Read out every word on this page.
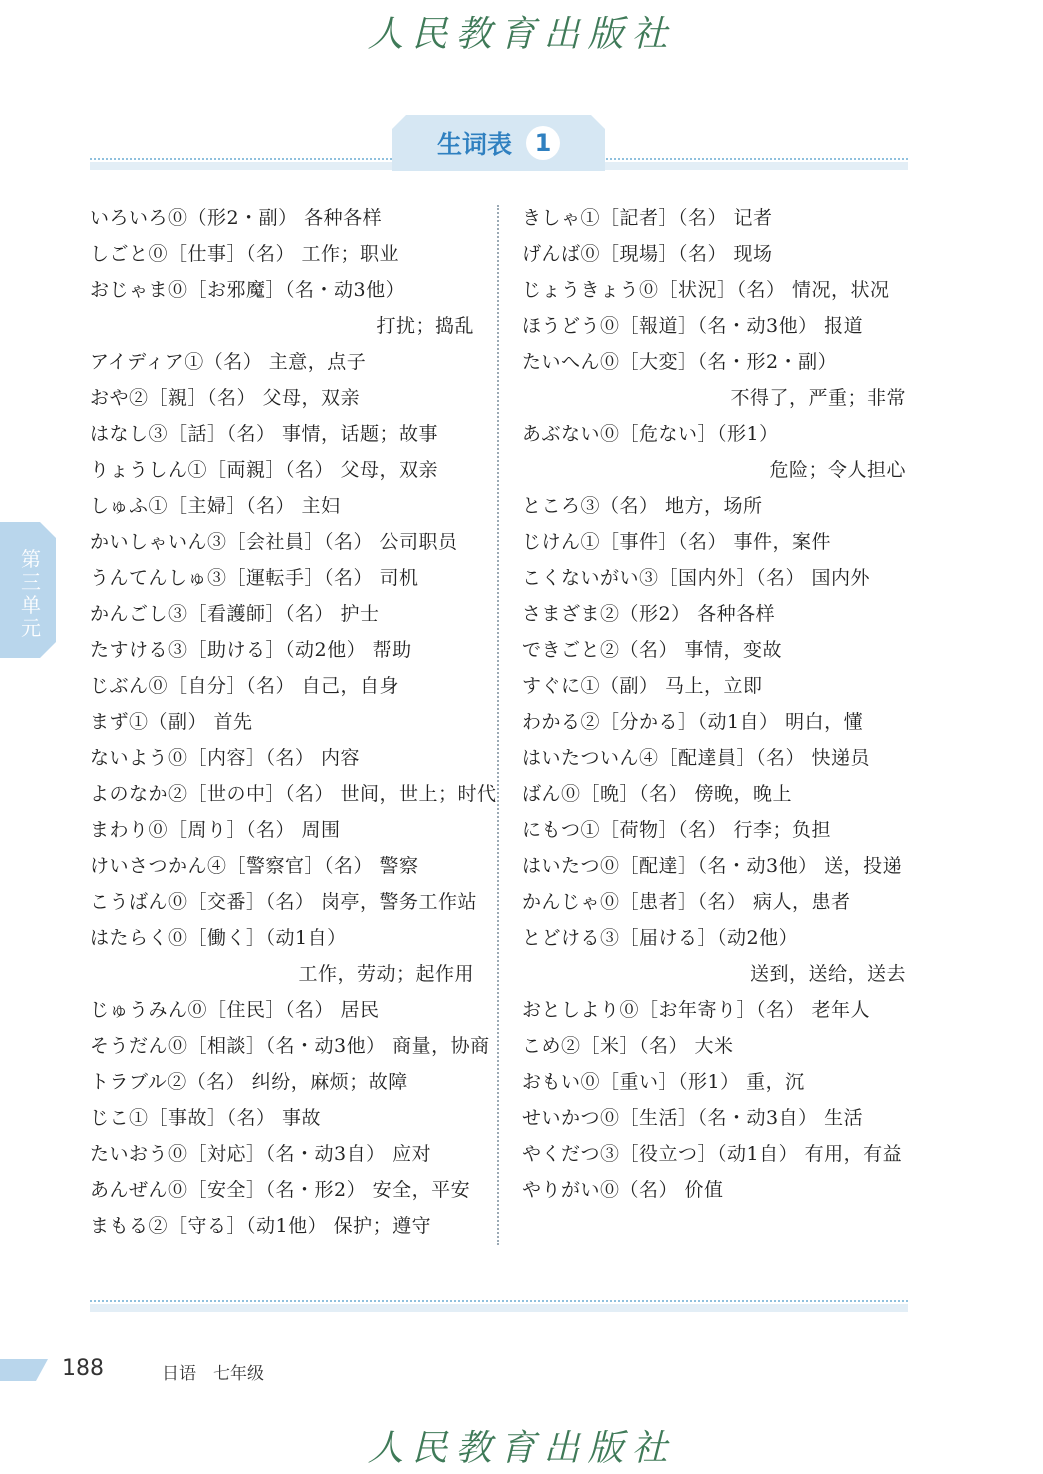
人民教育出版社
生词表 1
第三单元
いろいろ⓪（形2・副） 各种各样
しごと⓪［仕事］（名） 工作；职业
おじゃま⓪［お邪魔］（名・动3他）
打扰；捣乱
アイディア①（名） 主意，点子
おや②［親］（名） 父母，双亲
はなし③［話］（名） 事情，话题；故事
りょうしん①［両親］（名） 父母，双亲
しゅふ①［主婦］（名） 主妇
かいしゃいん③［会社員］（名） 公司职员
うんてんしゅ③［運転手］（名） 司机
かんごし③［看護師］（名） 护士
たすける③［助ける］（动2他） 帮助
じぶん⓪［自分］（名） 自己，自身
まず①（副） 首先
ないよう⓪［内容］（名） 内容
よのなか②［世の中］（名） 世间，世上；时代
まわり⓪［周り］（名） 周围
けいさつかん④［警察官］（名） 警察
こうばん⓪［交番］（名） 岗亭，警务工作站
はたらく⓪［働く］（动1自）
工作，劳动；起作用
じゅうみん⓪［住民］（名） 居民
そうだん⓪［相談］（名・动3他） 商量，协商
トラブル②（名） 纠纷，麻烦；故障
じこ①［事故］（名） 事故
たいおう⓪［対応］（名・动3自） 应对
あんぜん⓪［安全］（名・形2） 安全，平安
まもる②［守る］（动1他） 保护；遵守
きしゃ①［記者］（名） 记者
げんば⓪［現場］（名） 现场
じょうきょう⓪［状況］（名） 情况，状况
ほうどう⓪［報道］（名・动3他） 报道
たいへん⓪［大変］（名・形2・副）
不得了，严重；非常
あぶない⓪［危ない］（形1）
危险；令人担心
ところ③（名） 地方，场所
じけん①［事件］（名） 事件，案件
こくないがい③［国内外］（名） 国内外
さまざま②（形2） 各种各样
できごと②（名） 事情，变故
すぐに①（副） 马上，立即
わかる②［分かる］（动1自） 明白，懂
はいたついん④［配達員］（名） 快递员
ばん⓪［晩］（名） 傍晚，晚上
にもつ①［荷物］（名） 行李；负担
はいたつ⓪［配達］（名・动3他） 送，投递
かんじゃ⓪［患者］（名） 病人，患者
とどける③［届ける］（动2他）
送到，送给，送去
おとしより⓪［お年寄り］（名） 老年人
こめ②［米］（名） 大米
おもい⓪［重い］（形1） 重，沉
せいかつ⓪［生活］（名・动3自） 生活
やくだつ③［役立つ］（动1自） 有用，有益
やりがい⓪（名） 价值
188	日语　七年级
人民教育出版社
